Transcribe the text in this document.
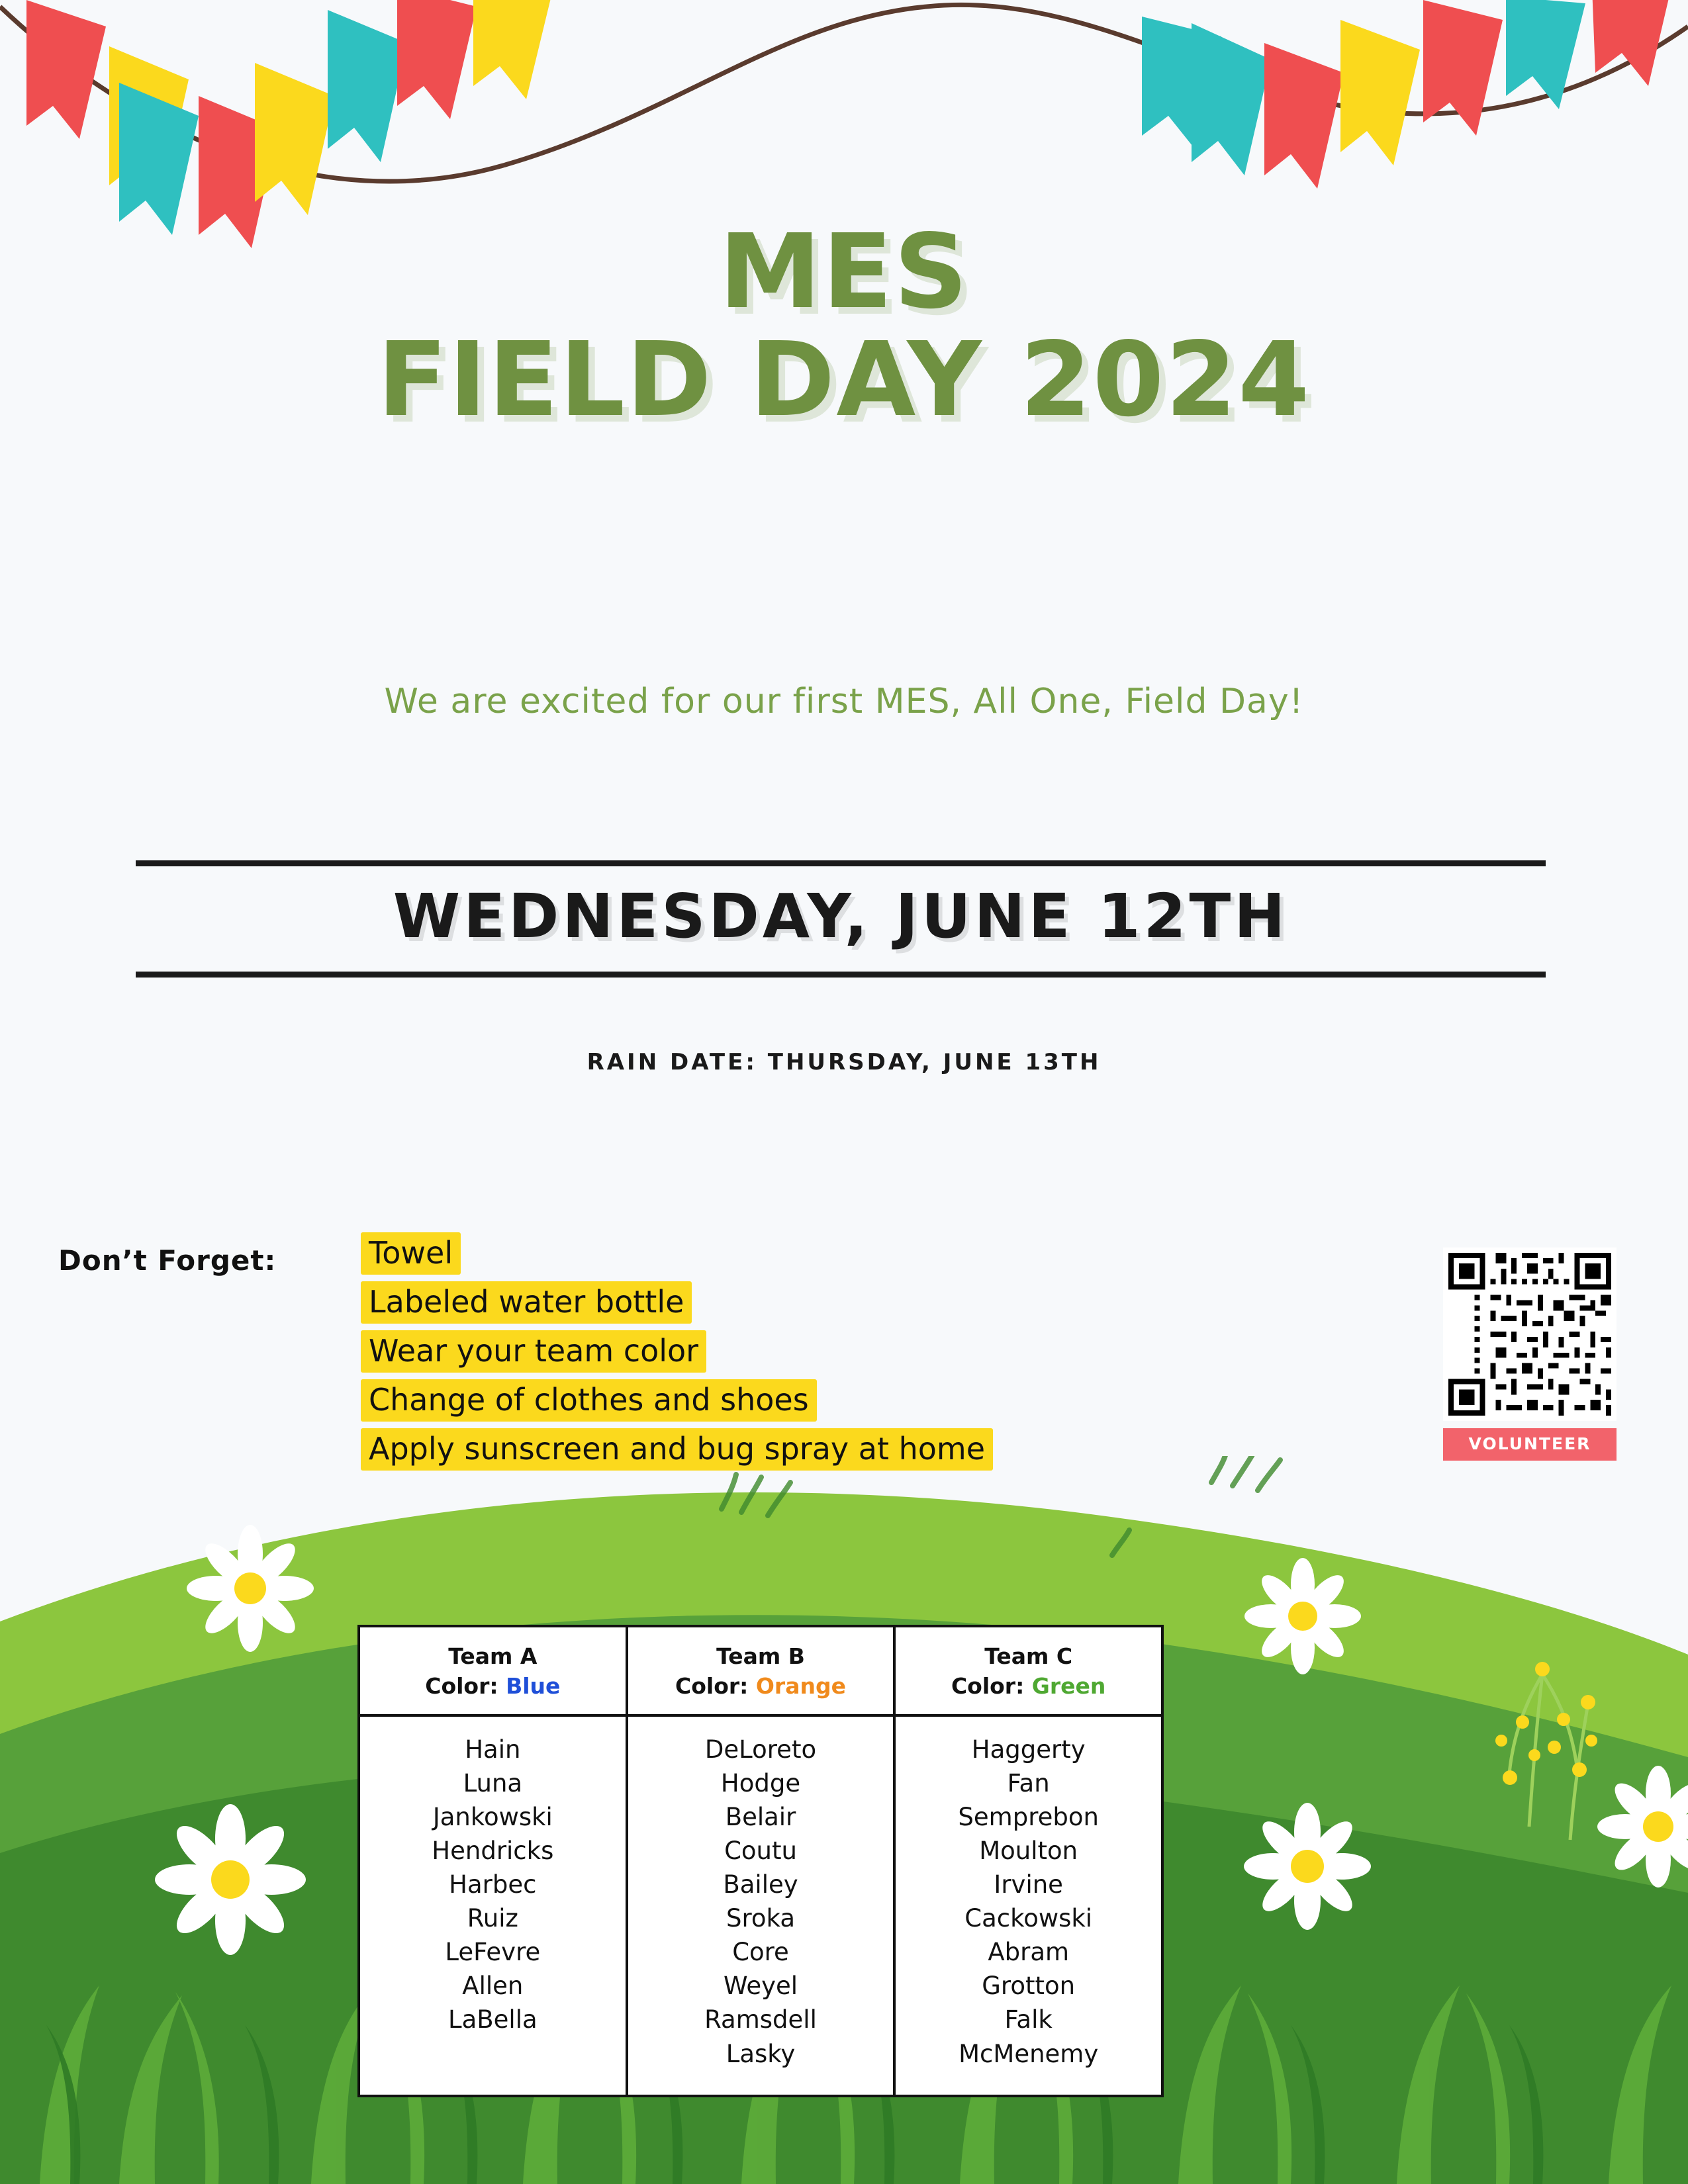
MES
FIELD DAY 2024
We are excited for our first MES, All One, Field Day!
WEDNESDAY, JUNE 12TH
RAIN DATE: THURSDAY, JUNE 13TH
Don’t Forget:	Towel
Labeled water bottle
Wear your team color
Change of clothes and shoes
Apply sunscreen and bug spray at home	VOLUNTEER
Team A
Color: Blue
Hain
Luna
Jankowski
Hendricks
Harbec
Ruiz
LeFevre
Allen
LaBella
Team B
Color: Orange
DeLoreto
Hodge
Belair
Coutu
Bailey
Sroka
Core
Weyel
Ramsdell
Lasky
Team C
Color: Green
Haggerty
Fan
Semprebon
Moulton
Irvine
Cackowski
Abram
Grotton
Falk
McMenemy
